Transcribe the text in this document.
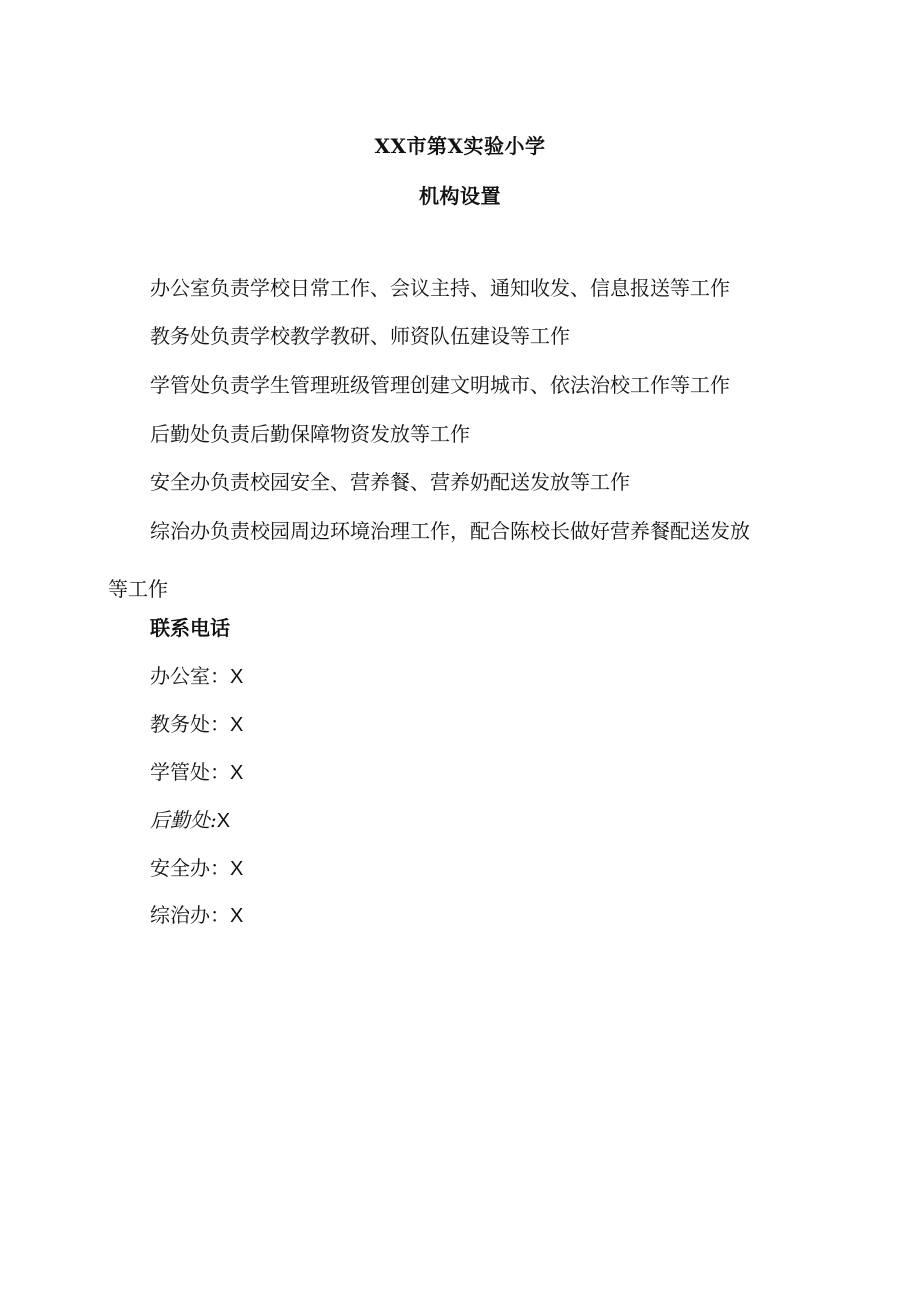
XX市第X实验小学
机构设置
办公室负责学校日常工作、会议主持、通知收发、信息报送等工作
教务处负责学校教学教研、师资队伍建设等工作
学管处负责学生管理班级管理创建文明城市、依法治校工作等工作
后勤处负责后勤保障物资发放等工作
安全办负责校园安全、营养餐、营养奶配送发放等工作
综治办负责校园周边环境治理工作，配合陈校长做好营养餐配送发放
等工作
联系电话
办公室：X
教务处：X
学管处：X
后勤处:X
安全办：X
综治办：X
